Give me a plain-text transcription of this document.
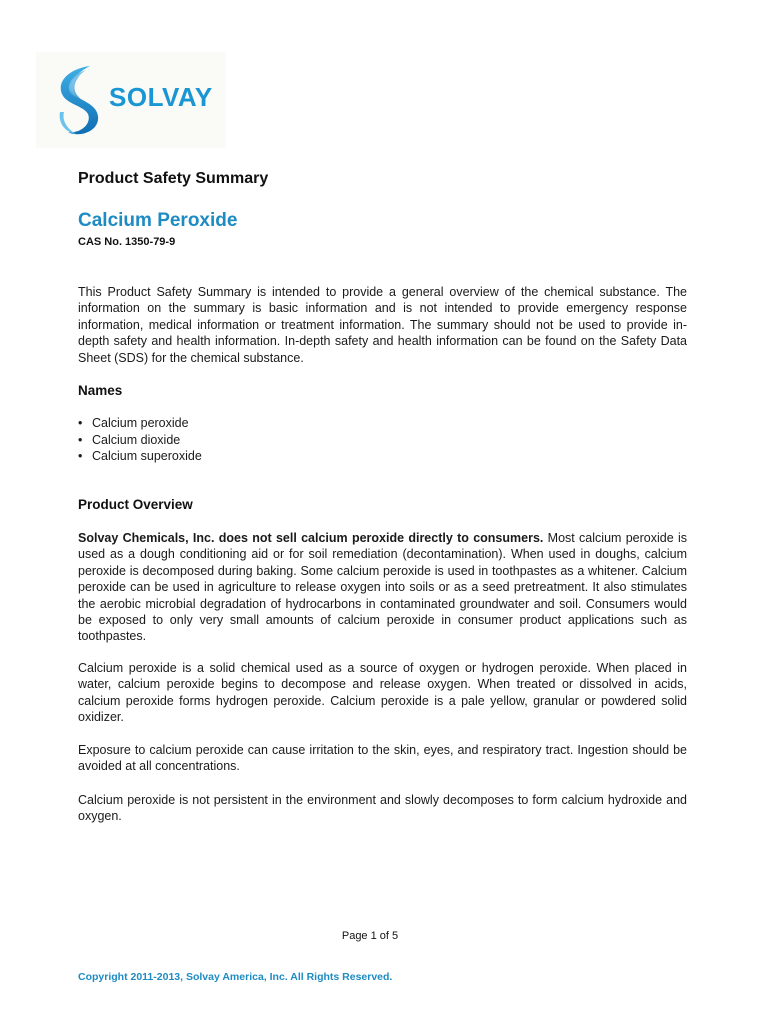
SOLVAY

Product Safety Summary
Calcium Peroxide

CAS No. 1350-79-9

This Product Safety Summary is intended to provide a general overview of the chemical substance. The information on the summary is basic information and is not intended to provide emergency response information, medical information or treatment information. The summary should not be used to provide in-depth safety and health information. In-depth safety and health information can be found on the Safety Data Sheet (SDS) for the chemical substance.

Names
• Calcium peroxide
• Calcium dioxide
• Calcium superoxide
Product Overview

Solvay Chemicals, Inc. does not sell calcium peroxide directly to consumers. Most calcium peroxide is used as a dough conditioning aid or for soil remediation (decontamination). When used in doughs, calcium peroxide is decomposed during baking. Some calcium peroxide is used in toothpastes as a whitener. Calcium peroxide can be used in agriculture to release oxygen into soils or as a seed pretreatment. It also stimulates the aerobic microbial degradation of hydrocarbons in contaminated groundwater and soil. Consumers would be exposed to only very small amounts of calcium peroxide in consumer product applications such as toothpastes.

Calcium peroxide is a solid chemical used as a source of oxygen or hydrogen peroxide. When placed in water, calcium peroxide begins to decompose and release oxygen. When treated or dissolved in acids, calcium peroxide forms hydrogen peroxide. Calcium peroxide is a pale yellow, granular or powdered solid oxidizer.

Exposure to calcium peroxide can cause irritation to the skin, eyes, and respiratory tract. Ingestion should be avoided at all concentrations.

Calcium peroxide is not persistent in the environment and slowly decomposes to form calcium hydroxide and oxygen.

Page 1 of 5

Copyright 2011-2013, Solvay America, Inc. All Rights Reserved.
